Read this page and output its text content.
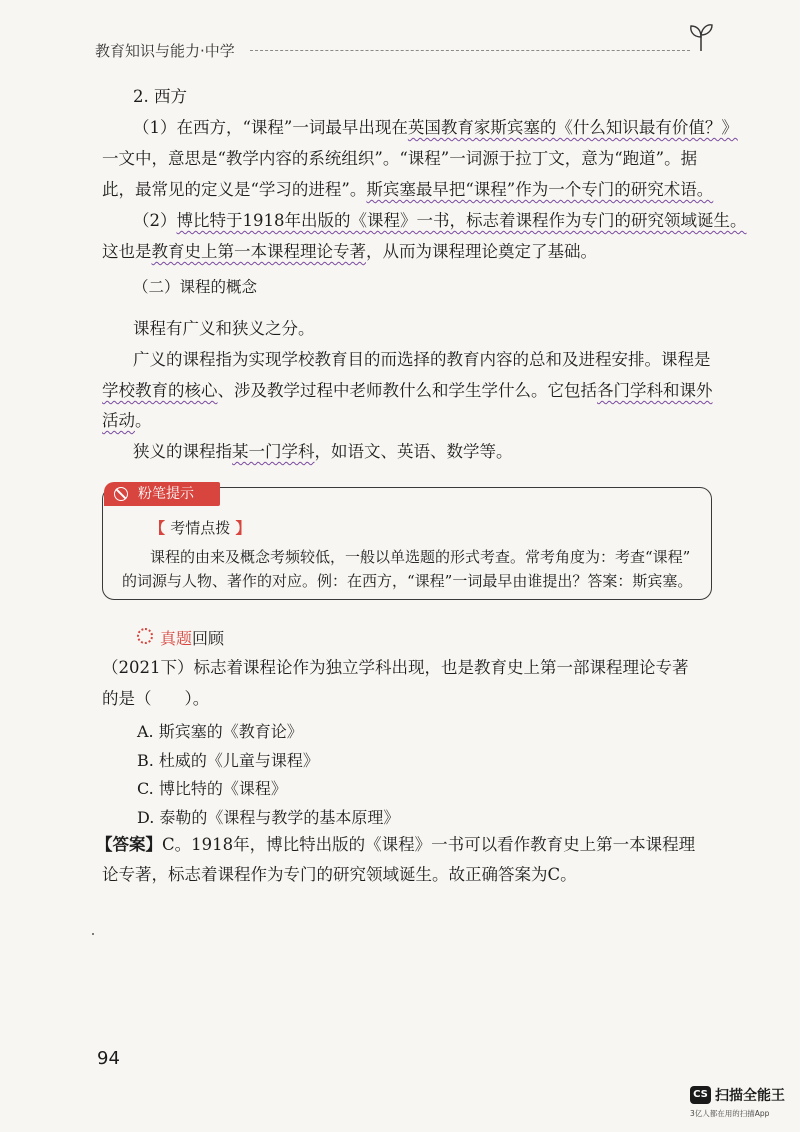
教育知识与能力·中学
2. 西方
（1）在西方，“课程”一词最早出现在英国教育家斯宾塞的《什么知识最有价值？》
一文中，意思是“教学内容的系统组织”。“课程”一词源于拉丁文，意为“跑道”。据
此，最常见的定义是“学习的进程”。斯宾塞最早把“课程”作为一个专门的研究术语。
（2）博比特于1918年出版的《课程》一书，标志着课程作为专门的研究领域诞生。
这也是教育史上第一本课程理论专著，从而为课程理论奠定了基础。
（二）课程的概念
课程有广义和狭义之分。
广义的课程指为实现学校教育目的而选择的教育内容的总和及进程安排。课程是
学校教育的核心、涉及教学过程中老师教什么和学生学什么。它包括各门学科和课外
活动。
狭义的课程指某一门学科，如语文、英语、数学等。
粉笔提示
【 考情点拨 】
课程的由来及概念考频较低，一般以单选题的形式考查。常考角度为：考查“课程”
的词源与人物、著作的对应。例：在西方，“课程”一词最早由谁提出？答案：斯宾塞。
真题回顾
（2021下）标志着课程论作为独立学科出现，也是教育史上第一部课程理论专著
的是（　　）。
A. 斯宾塞的《教育论》
B. 杜威的《儿童与课程》
C. 博比特的《课程》
D. 泰勒的《课程与教学的基本原理》
【答案】C。1918年，博比特出版的《课程》一书可以看作教育史上第一本课程理
论专著，标志着课程作为专门的研究领域诞生。故正确答案为C。
94
CS 扫描全能王
3亿人都在用的扫描App
